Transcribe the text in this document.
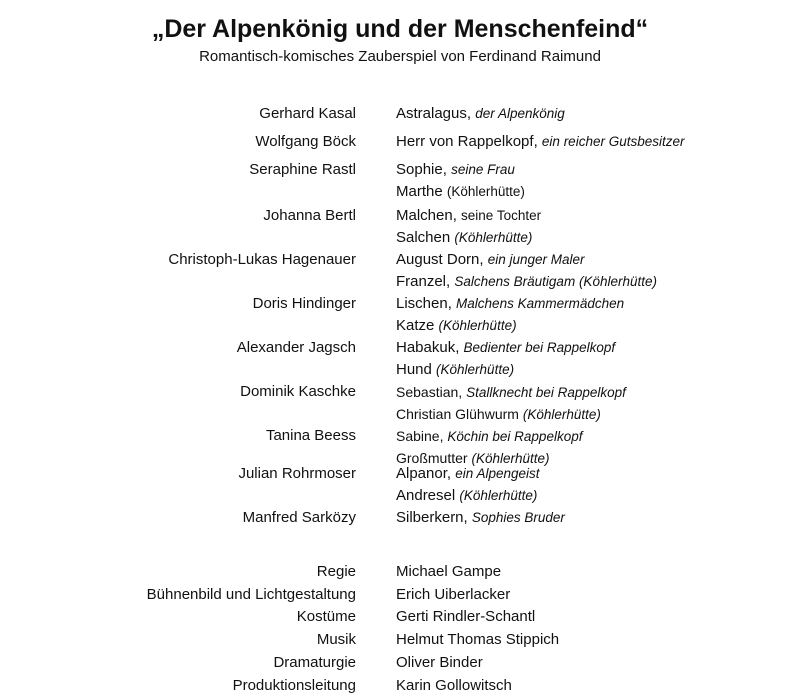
„Der Alpenkönig und der Menschenfeind“
Romantisch-komisches Zauberspiel von Ferdinand Raimund
Gerhard Kasal	Astralagus, der Alpenkönig
Wolfgang Böck	Herr von Rappelkopf, ein reicher Gutsbesitzer
Seraphine Rastl	Sophie, seine Frau
Marthe (Köhlerhütte)
Johanna Bertl	Malchen, seine Tochter
Salchen (Köhlerhütte)
Christoph-Lukas Hagenauer	August Dorn, ein junger Maler
Franzel, Salchens Bräutigam (Köhlerhütte)
Doris Hindinger	Lischen, Malchens Kammermädchen
Katze (Köhlerhütte)
Alexander Jagsch	Habakuk, Bedienter bei Rappelkopf
Hund (Köhlerhütte)
Dominik Kaschke	Sebastian, Stallknecht bei Rappelkopf
Christian Glühwurm (Köhlerhütte)
Tanina Beess	Sabine, Köchin bei Rappelkopf
Großmutter (Köhlerhütte)
Julian Rohrmoser	Alpanor, ein Alpengeist
Andresel (Köhlerhütte)
Manfred Sarközy	Silberkern, Sophies Bruder
Regie	Michael Gampe
Bühnenbild und Lichtgestaltung	Erich Uiberlacker
Kostüme	Gerti Rindler-Schantl
Musik	Helmut Thomas Stippich
Dramaturgie	Oliver Binder
Produktionsleitung	Karin Gollowitsch
